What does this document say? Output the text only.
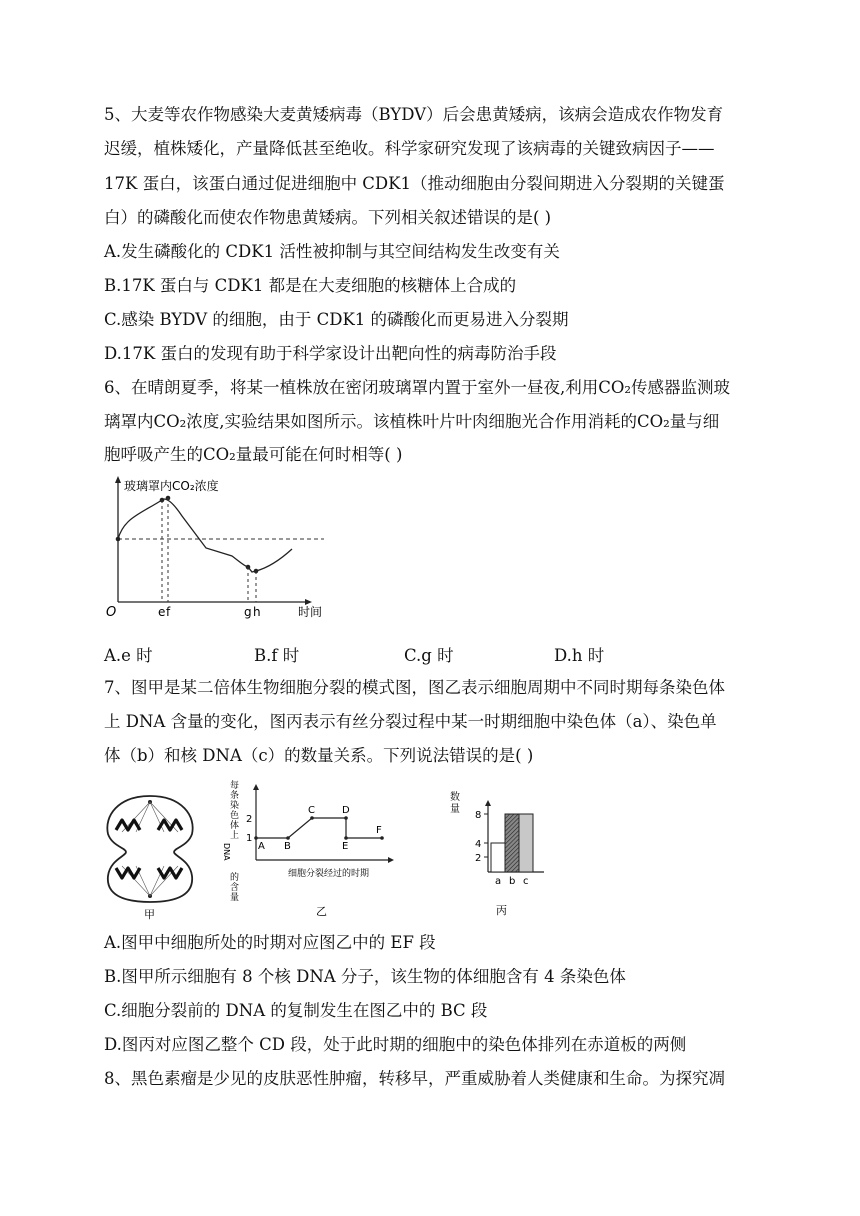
5、大麦等农作物感染大麦黄矮病毒（BYDV）后会患黄矮病，该病会造成农作物发育
迟缓，植株矮化，产量降低甚至绝收。科学家研究发现了该病毒的关键致病因子——
17K 蛋白，该蛋白通过促进细胞中 CDK1（推动细胞由分裂间期进入分裂期的关键蛋
白）的磷酸化而使农作物患黄矮病。下列相关叙述错误的是( )
A.发生磷酸化的 CDK1 活性被抑制与其空间结构发生改变有关
B.17K 蛋白与 CDK1 都是在大麦细胞的核糖体上合成的
C.感染 BYDV 的细胞，由于 CDK1 的磷酸化而更易进入分裂期
D.17K 蛋白的发现有助于科学家设计出靶向性的病毒防治手段
6、在晴朗夏季，将某一植株放在密闭玻璃罩内置于室外一昼夜,利用CO₂传感器监测玻
璃罩内CO₂浓度,实验结果如图所示。该植株叶片叶肉细胞光合作用消耗的CO₂量与细
胞呼吸产生的CO₂量最可能在何时相等( )
玻璃罩内CO₂浓度
O	e f	g h	时间
A.e 时	B.f 时	C.g 时	D.h 时
7、图甲是某二倍体生物细胞分裂的模式图，图乙表示细胞周期中不同时期每条染色体
上 DNA 含量的变化，图丙表示有丝分裂过程中某一时期细胞中染色体（a）、染色单
体（b）和核 DNA（c）的数量关系。下列说法错误的是( )
甲
每
条
染
色
体
上
DNA
的
含
量
2
1
A B
C	D
E
F
细胞分裂经过的时期
乙
数
量
8
4
2
a b c
丙
A.图甲中细胞所处的时期对应图乙中的 EF 段
B.图甲所示细胞有 8 个核 DNA 分子，该生物的体细胞含有 4 条染色体
C.细胞分裂前的 DNA 的复制发生在图乙中的 BC 段
D.图丙对应图乙整个 CD 段，处于此时期的细胞中的染色体排列在赤道板的两侧
8、黑色素瘤是少见的皮肤恶性肿瘤，转移早，严重威胁着人类健康和生命。为探究凋
